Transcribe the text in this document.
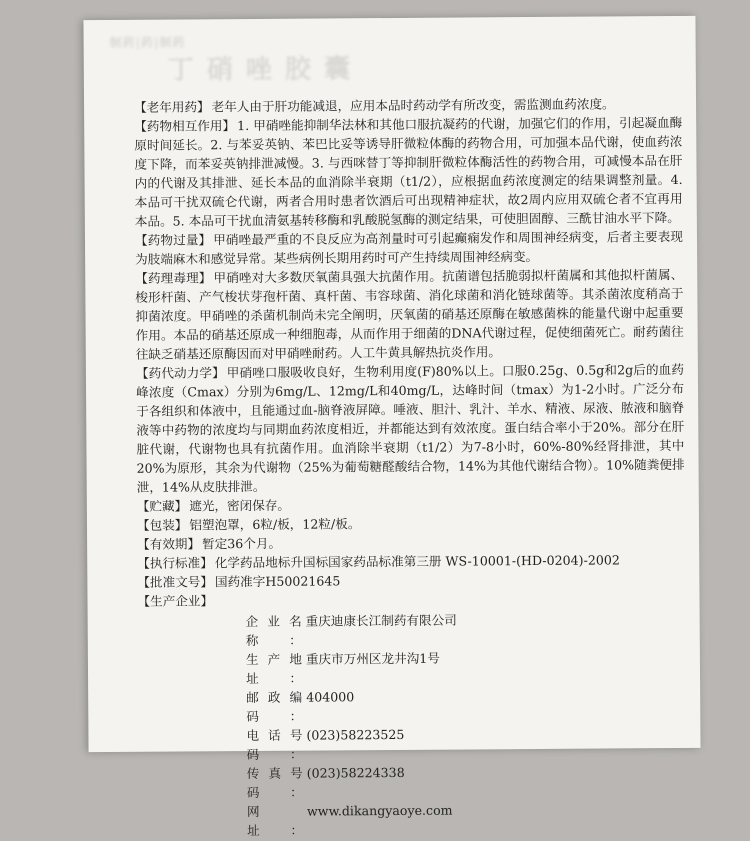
制药|药|制药
丁 硝 唑 胶 囊

【老年用药】 老年人由于肝功能减退，应用本品时药动学有所改变，需监测血药浓度。

【药物相互作用】 1. 甲硝唑能抑制华法林和其他口服抗凝药的代谢，加强它们的作用，引起凝血酶原时间延长。2. 与苯妥英钠、苯巴比妥等诱导肝微粒体酶的药物合用，可加强本品代谢，使血药浓度下降，而苯妥英钠排泄减慢。3. 与西咪替丁等抑制肝微粒体酶活性的药物合用，可减慢本品在肝内的代谢及其排泄、延长本品的血消除半衰期（t1/2），应根据血药浓度测定的结果调整剂量。4. 本品可干扰双硫仑代谢，两者合用时患者饮酒后可出现精神症状，故2周内应用双硫仑者不宜再用本品。5. 本品可干扰血清氨基转移酶和乳酸脱氢酶的测定结果，可使胆固醇、三酰甘油水平下降。

【药物过量】 甲硝唑最严重的不良反应为高剂量时可引起癫痫发作和周围神经病变，后者主要表现为肢端麻木和感觉异常。某些病例长期用药时可产生持续周围神经病变。

【药理毒理】 甲硝唑对大多数厌氧菌具强大抗菌作用。抗菌谱包括脆弱拟杆菌属和其他拟杆菌属、梭形杆菌、产气梭状芽孢杆菌、真杆菌、韦容球菌、消化球菌和消化链球菌等。其杀菌浓度稍高于抑菌浓度。甲硝唑的杀菌机制尚未完全阐明，厌氧菌的硝基还原酶在敏感菌株的能量代谢中起重要作用。本品的硝基还原成一种细胞毒，从而作用于细菌的DNA代谢过程，促使细菌死亡。耐药菌往往缺乏硝基还原酶因而对甲硝唑耐药。人工牛黄具解热抗炎作用。

【药代动力学】 甲硝唑口服吸收良好，生物利用度(F)80%以上。口服0.25g、0.5g和2g后的血药峰浓度（Cmax）分别为6mg/L、12mg/L和40mg/L，达峰时间（tmax）为1-2小时。广泛分布于各组织和体液中，且能通过血-脑脊液屏障。唾液、胆汁、乳汁、羊水、精液、尿液、脓液和脑脊液等中药物的浓度均与同期血药浓度相近，并都能达到有效浓度。蛋白结合率小于20%。部分在肝脏代谢，代谢物也具有抗菌作用。血消除半衰期（t1/2）为7-8小时，60%-80%经肾排泄，其中20%为原形，其余为代谢物（25%为葡萄糖醛酸结合物，14%为其他代谢结合物）。10%随粪便排泄，14%从皮肤排泄。

【贮藏】 遮光，密闭保存。

【包装】 铝塑泡罩，6粒/板，12粒/板。

【有效期】 暂定36个月。

【执行标准】 化学药品地标升国标国家药品标准第三册 WS-10001-(HD-0204)-2002

【批准文号】 国药准字H50021645

【生产企业】

企业名称：
重庆迪康长江制药有限公司
生产地址：
重庆市万州区龙井沟1号
邮政编码：
404000
电话号码：
(023)58223525
传真号码：
(023)58224338
网　　址：
www.dikangyaoye.com
